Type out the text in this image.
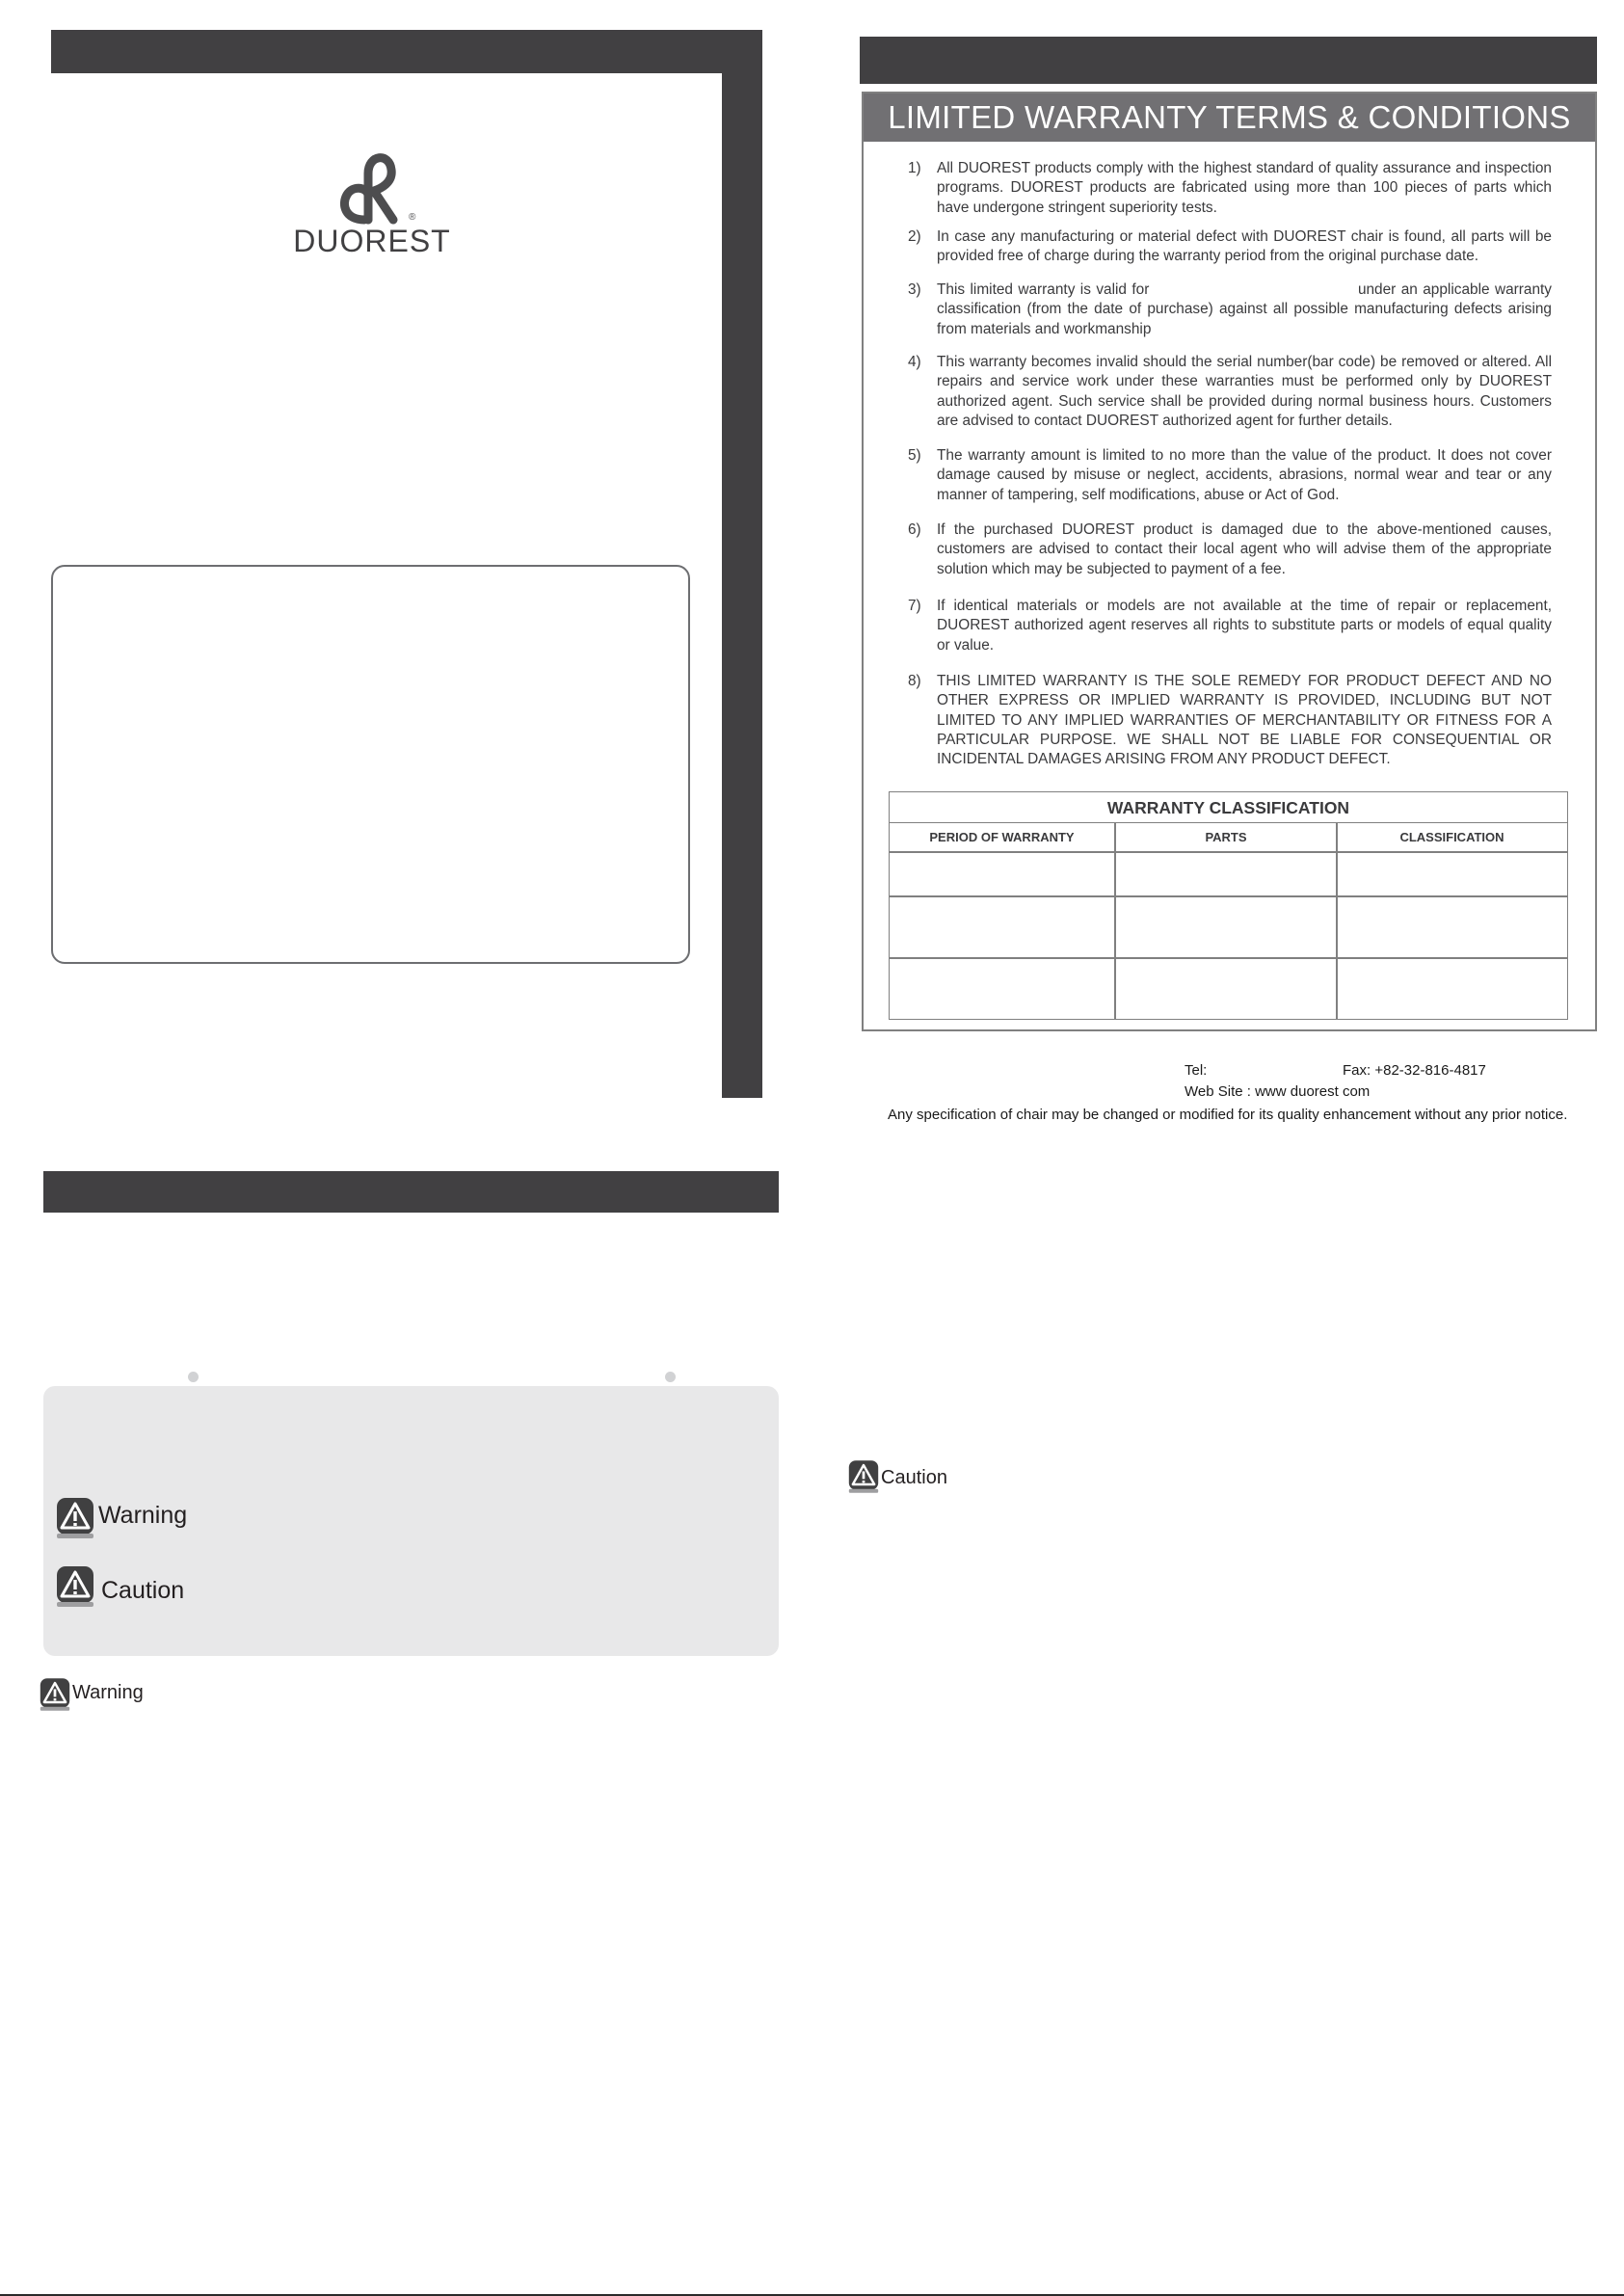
®
DUOREST
LIMITED WARRANTY TERMS & CONDITIONS
1)	All DUOREST products comply with the highest standard of quality assurance and inspection programs. DUOREST products are fabricated using more than 100 pieces of parts which have undergone stringent superiority tests.
2)	In case any manufacturing or material defect with DUOREST chair is found, all parts will be provided free of charge during the warranty period from the original purchase date.
3)	This limited warranty is valid for                                        under an applicable warranty classification (from the date of purchase) against all possible manufacturing defects arising from materials and workmanship
4)	This warranty becomes invalid should the serial number(bar code) be removed or altered. All repairs and service work under these warranties must be performed only by DUOREST authorized agent. Such service shall be provided during normal business hours. Customers are advised to contact DUOREST authorized agent for further details.
5)	The warranty amount is limited to no more than the value of the product. It does not cover damage caused by misuse or neglect, accidents, abrasions, normal wear and tear or any manner of tampering, self modifications, abuse or Act of God.
6)	If the purchased DUOREST product is damaged due to the above-mentioned causes, customers are advised to contact their local agent who will advise them of the appropriate solution which may be subjected to payment of a fee.
7)	If identical materials or models are not available at the time of repair or replacement, DUOREST authorized agent reserves all rights to substitute parts or models of equal quality or value.
8)	THIS LIMITED WARRANTY IS THE SOLE REMEDY FOR PRODUCT DEFECT AND NO OTHER EXPRESS OR IMPLIED WARRANTY IS PROVIDED, INCLUDING BUT NOT LIMITED TO ANY IMPLIED WARRANTIES OF MERCHANTABILITY OR FITNESS FOR A PARTICULAR PURPOSE. WE SHALL NOT BE LIABLE FOR CONSEQUENTIAL OR INCIDENTAL DAMAGES ARISING FROM ANY PRODUCT DEFECT.
WARRANTY CLASSIFICATION
PERIOD OF WARRANTY	PARTS	CLASSIFICATION
Tel:	Fax: +82-32-816-4817
Web Site : www duorest com
Any specification of chair may be changed or modified for its quality enhancement without any prior notice.
Warning
Caution
Warning
Caution
